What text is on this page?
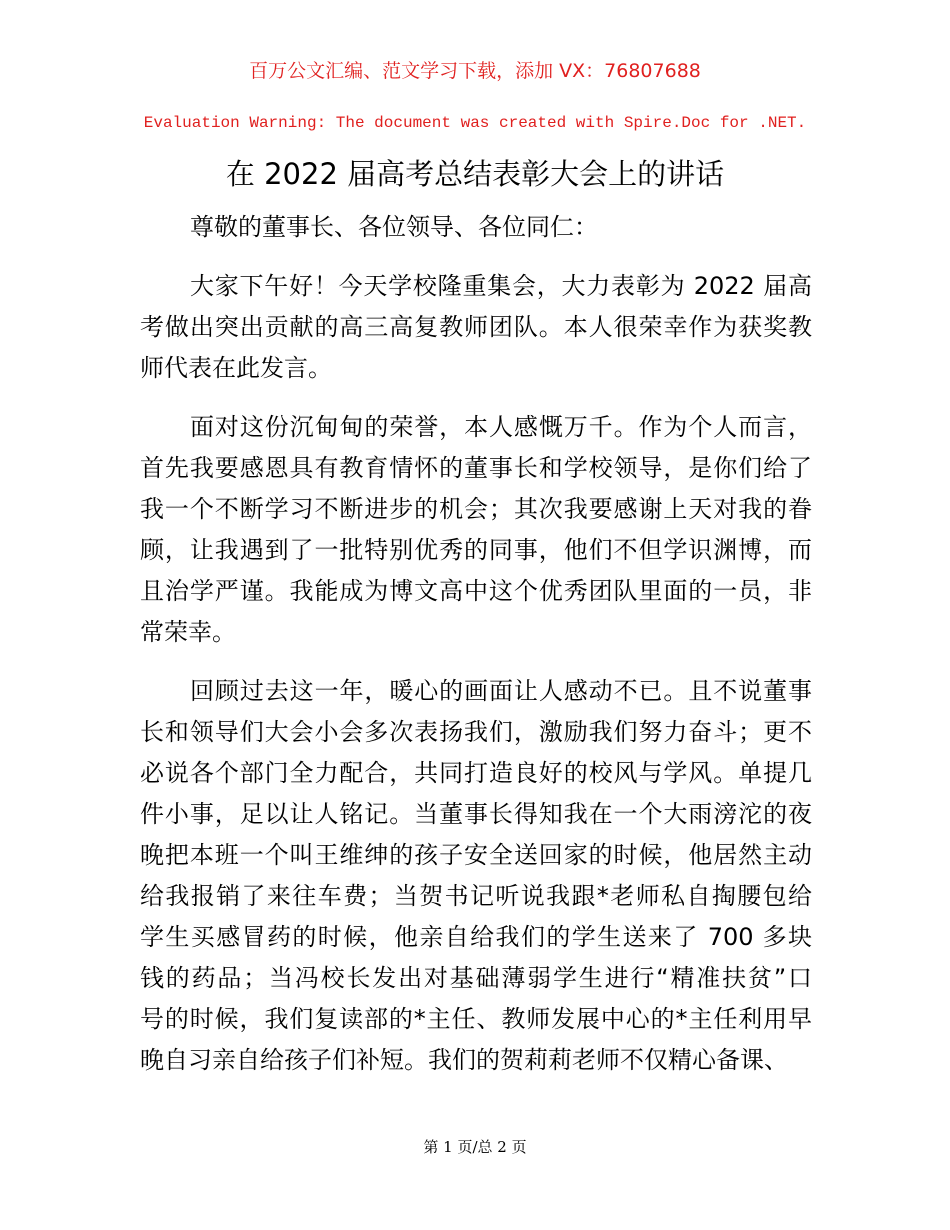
百万公文汇编、范文学习下载，添加 VX：76807688
Evaluation Warning: The document was created with Spire.Doc for .NET.
在 2022 届高考总结表彰大会上的讲话
尊敬的董事长、各位领导、各位同仁：
大家下午好！今天学校隆重集会，大力表彰为 2022 届高
考做出突出贡献的高三高复教师团队。本人很荣幸作为获奖教
师代表在此发言。
面对这份沉甸甸的荣誉，本人感慨万千。作为个人而言，
首先我要感恩具有教育情怀的董事长和学校领导，是你们给了
我一个不断学习不断进步的机会；其次我要感谢上天对我的眷
顾，让我遇到了一批特别优秀的同事，他们不但学识渊博，而
且治学严谨。我能成为博文高中这个优秀团队里面的一员，非
常荣幸。
回顾过去这一年，暖心的画面让人感动不已。且不说董事
长和领导们大会小会多次表扬我们，激励我们努力奋斗；更不
必说各个部门全力配合，共同打造良好的校风与学风。单提几
件小事，足以让人铭记。当董事长得知我在一个大雨滂沱的夜
晚把本班一个叫王维绅的孩子安全送回家的时候，他居然主动
给我报销了来往车费；当贺书记听说我跟*老师私自掏腰包给
学生买感冒药的时候，他亲自给我们的学生送来了 700 多块
钱的药品；当冯校长发出对基础薄弱学生进行“精准扶贫”口
号的时候，我们复读部的*主任、教师发展中心的*主任利用早
晚自习亲自给孩子们补短。我们的贺莉莉老师不仅精心备课、
第 1 页/总 2 页
